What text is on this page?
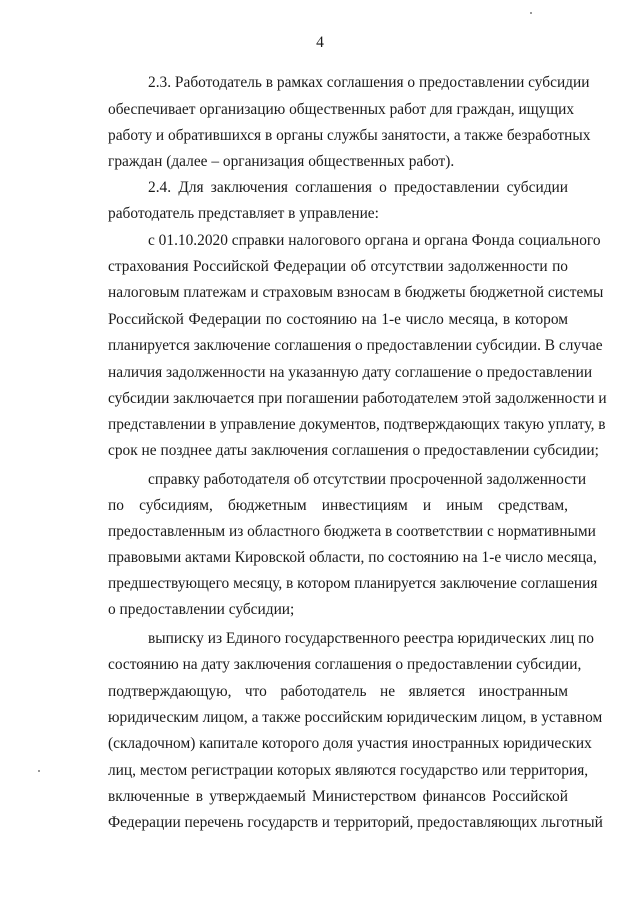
4
2.3. Работодатель в рамках соглашения о предоставлении субсидии
обеспечивает организацию общественных работ для граждан, ищущих
работу и обратившихся в органы службы занятости, а также безработных
граждан (далее – организация общественных работ).
2.4. Для заключения соглашения о предоставлении субсидии
работодатель представляет в управление:
с 01.10.2020 справки налогового органа и органа Фонда социального
страхования Российской Федерации об отсутствии задолженности по
налоговым платежам и страховым взносам в бюджеты бюджетной системы
Российской Федерации по состоянию на 1-е число месяца, в котором
планируется заключение соглашения о предоставлении субсидии. В случае
наличия задолженности на указанную дату соглашение о предоставлении
субсидии заключается при погашении работодателем этой задолженности и
представлении в управление документов, подтверждающих такую уплату, в
срок не позднее даты заключения соглашения о предоставлении субсидии;
справку работодателя об отсутствии просроченной задолженности
по субсидиям, бюджетным инвестициям и иным средствам,
предоставленным из областного бюджета в соответствии с нормативными
правовыми актами Кировской области, по состоянию на 1-е число месяца,
предшествующего месяцу, в котором планируется заключение соглашения
о предоставлении субсидии;
выписку из Единого государственного реестра юридических лиц по
состоянию на дату заключения соглашения о предоставлении субсидии,
подтверждающую, что работодатель не является иностранным
юридическим лицом, а также российским юридическим лицом, в уставном
(складочном) капитале которого доля участия иностранных юридических
лиц, местом регистрации которых являются государство или территория,
включенные в утверждаемый Министерством финансов Российской
Федерации перечень государств и территорий, предоставляющих льготный
